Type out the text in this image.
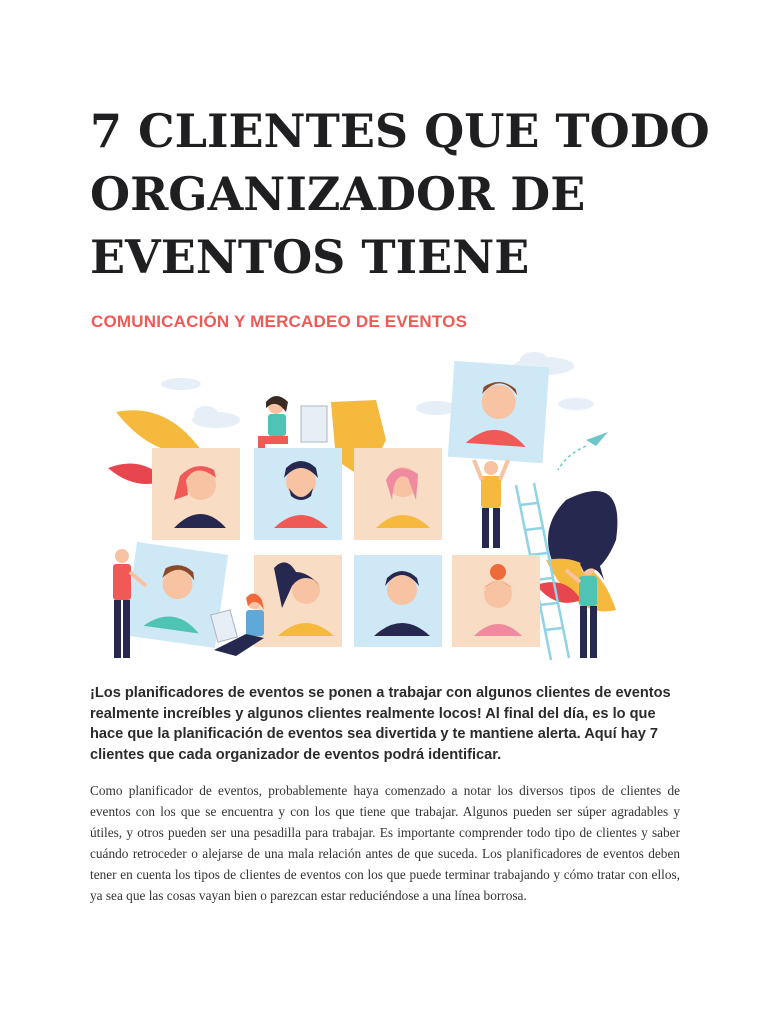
7 CLIENTES QUE TODO
ORGANIZADOR DE
EVENTOS TIENE

COMUNICACIÓN Y MERCADEO DE EVENTOS

¡Los planificadores de eventos se ponen a trabajar con algunos clientes de eventos realmente increíbles y algunos clientes realmente locos! Al final del día, es lo que hace que la planificación de eventos sea divertida y te mantiene alerta. Aquí hay 7 clientes que cada organizador de eventos podrá identificar.

Como planificador de eventos, probablemente haya comenzado a notar los diversos tipos de clientes de eventos con los que se encuentra y con los que tiene que trabajar. Algunos pueden ser súper agradables y útiles, y otros pueden ser una pesadilla para trabajar. Es importante comprender todo tipo de clientes y saber cuándo retroceder o alejarse de una mala relación antes de que suceda. Los planificadores de eventos deben tener en cuenta los tipos de clientes de eventos con los que puede terminar trabajando y cómo tratar con ellos, ya sea que las cosas vayan bien o parezcan estar reduciéndose a una línea borrosa.
